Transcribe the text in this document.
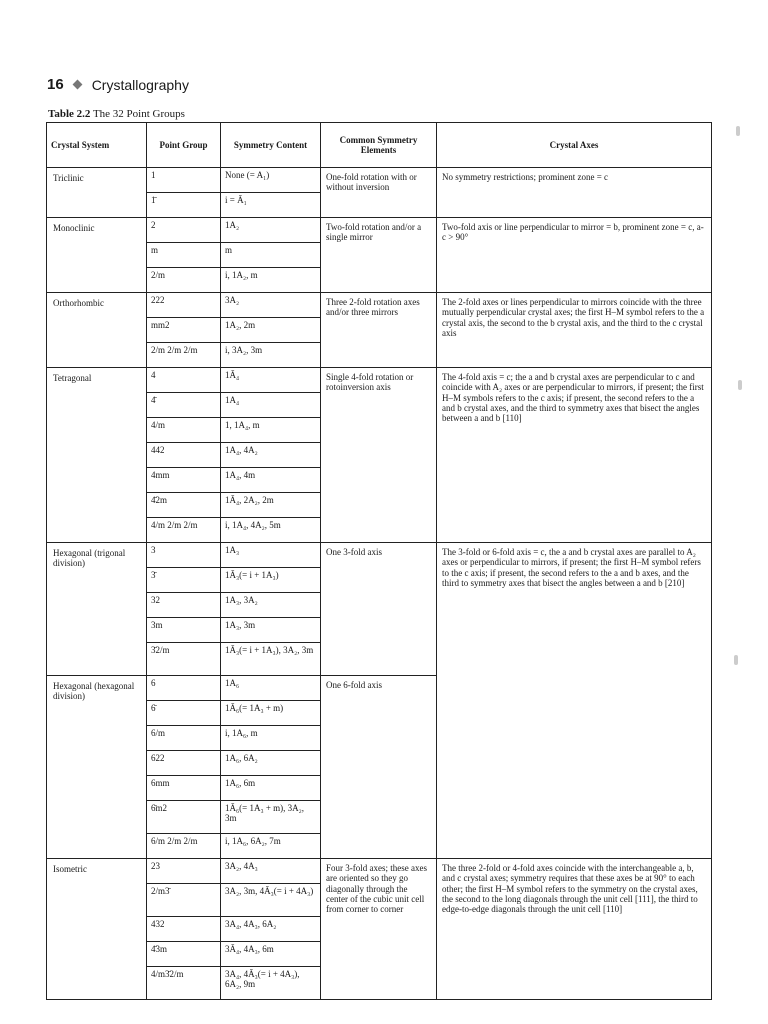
16 Crystallography
Table 2.2 The 32 Point Groups
Crystal System	Point Group	Symmetry Content	Common Symmetry Elements	Crystal Axes
Triclinic	1	None (= A₁)	One-fold rotation with or without inversion	No symmetry restrictions; prominent zone = c
	1̄	i = Ā₁		
Monoclinic	2	1A₂	Two-fold rotation and/or a single mirror	Two-fold axis or line perpendicular to mirror = b, prominent zone = c, a-c > 90°
	m	m		
	2/m	i, 1A₂, m		
Orthorhombic	222	3A₂	Three 2-fold rotation axes and/or three mirrors	The 2-fold axes or lines perpendicular to mirrors coincide with the three mutually perpendicular crystal axes; the first H–M symbol refers to the a crystal axis, the second to the b crystal axis, and the third to the c crystal axis
	mm2	1A₂, 2m		
	2/m 2/m 2/m	i, 3A₂, 3m		
Tetragonal	4	1Ā₄	Single 4-fold rotation or rotoinversion axis	The 4-fold axis = c; the a and b crystal axes are perpendicular to c and coincide with A₂ axes or are perpendicular to mirrors, if present; the first H–M symbols refers to the c axis; if present, the second refers to the a and b crystal axes, and the third to symmetry axes that bisect the angles between a and b [110]
	4̄	1A₄		
	4/m	1, 1A₄, m		
	442	1A₄, 4A₂		
	4mm	1A₄, 4m		
	4̄2m	1Ā₄, 2A₂, 2m		
	4/m 2/m 2/m	i, 1A₄, 4A₂, 5m		
Hexagonal (trigonal division)	3	1A₃	One 3-fold axis	The 3-fold or 6-fold axis = c, the a and b crystal axes are parallel to A₂ axes or perpendicular to mirrors, if present; the first H–M symbol refers to the c axis; if present, the second refers to the a and b axes, and the third to symmetry axes that bisect the angles between a and b [210]
	3̄	1Ā₃(= i + 1A₃)		
	32	1A₃, 3A₂		
	3m	1A₃, 3m		
	3̄2/m	1Ā₃(= i + 1A₃), 3A₂, 3m		
Hexagonal (hexagonal division)	6	1A₆	One 6-fold axis	
	6̄	1Ā₆(= 1A₃ + m)		
	6/m	i, 1A₆, m		
	622	1A₆, 6A₂		
	6mm	1A₆, 6m		
	6̄m2	1Ā₆(= 1A₃ + m), 3A₂, 3m		
	6/m 2/m 2/m	i, 1A₆, 6A₂, 7m		
Isometric	23	3A₂, 4A₃	Four 3-fold axes; these axes are oriented so they go diagonally through the center of the cubic unit cell from corner to corner	The three 2-fold or 4-fold axes coincide with the interchangeable a, b, and c crystal axes; symmetry requires that these axes be at 90° to each other; the first H–M symbol refers to the symmetry on the crystal axes, the second to the long diagonals through the unit cell [111], the third to edge-to-edge diagonals through the unit cell [110]
	2/m3̄	3A₂, 3m, 4Ā₃(= i + 4A₃)		
	432	3A₄, 4A₃, 6A₂		
	4̄3m	3Ā₄, 4A₃, 6m		
	4/m3̄2/m	3A₄, 4Ā₃(= i + 4A₃), 6A₂, 9m		
